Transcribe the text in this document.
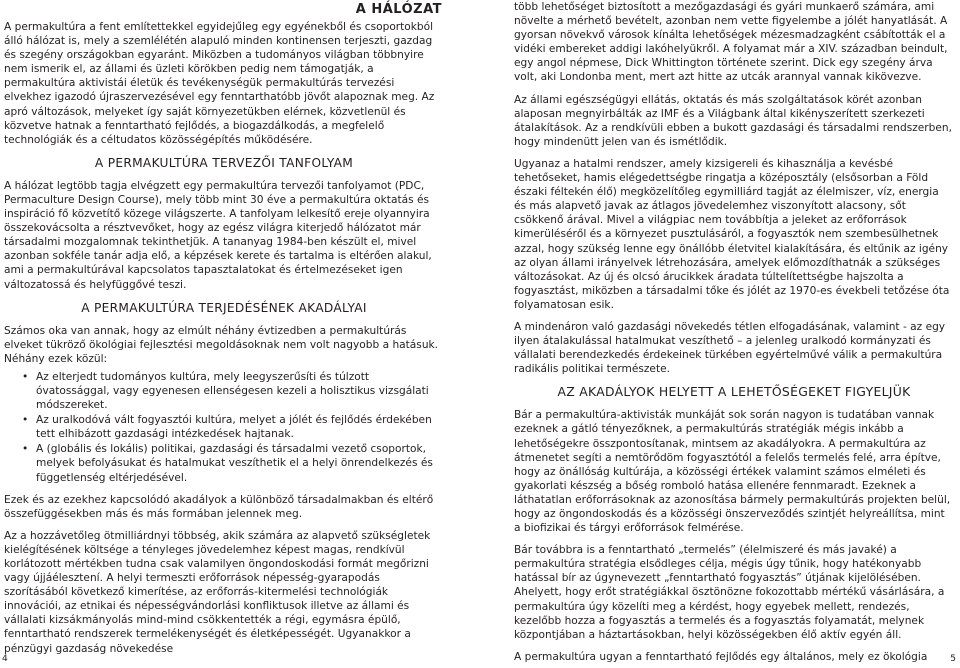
A HÁLÓZAT

A permakultúra a fent említettekkel egyidejűleg egy egyénekből és csoportokból álló hálózat is, mely a szemlélétén alapuló minden kontinensen terjeszti, gazdag és szegény országokban egyaránt. Miközben a tudományos világban többnyire nem ismerik el, az állami és üzleti körökben pedig nem támogatják, a permakultúra aktivistái életük és tevékenységük permakultúrás tervezési elvekhez igazodó újraszervezésével egy fenntarthatóbb jövőt alapoznak meg. Az apró változások, melyeket így saját környezetükben elérnek, közvetlenül és közvetve hatnak a fenntartható fejlődés, a biogazdálkodás, a megfelelő technológiák és a céltudatos közösségépítés működésére.

A PERMAKULTÚRA TERVEZŐI TANFOLYAM

A hálózat legtöbb tagja elvégzett egy permakultúra tervezői tanfolyamot (PDC, Permaculture Design Course), mely több mint 30 éve a permakultúra oktatás és inspiráció fő közvetítő közege világszerte. A tanfolyam lelkesítő ereje olyannyira összekovácsolta a résztvevőket, hogy az egész világra kiterjedő hálózatot már társadalmi mozgalomnak tekinthetjük. A tananyag 1984-ben készült el, mivel azonban sokféle tanár adja elő, a képzések kerete és tartalma is eltérően alakul, ami a permakultúrával kapcsolatos tapasztalatokat és értelmezéseket igen változatossá és helyfüggővé teszi.

A PERMAKULTÚRA TERJEDÉSÉNEK AKADÁLYAI

Számos oka van annak, hogy az elmúlt néhány évtizedben a permakultúrás elveket tükröző ökológiai fejlesztési megoldásoknak nem volt nagyobb a hatásuk. Néhány ezek közül:

• Az elterjedt tudományos kultúra, mely leegyszerűsíti és túlzott óvatossággal, vagy egyenesen ellenségesen kezeli a holisztikus vizsgálati módszereket.
• Az uralkodóvá vált fogyasztói kultúra, melyet a jólét és fejlődés érdekében tett elhibázott gazdasági intézkedések hajtanak.
• A (globális és lokális) politikai, gazdasági és társadalmi vezető csoportok, melyek befolyásukat és hatalmukat veszíthetik el a helyi önrendelkezés és függetlenség eltérjedésével.

Ezek és az ezekhez kapcsolódó akadályok a különböző társadalmakban és eltérő összefüggésekben más és más formában jelennek meg.

Az a hozzávetőleg ötmilliárdnyi többség, akik számára az alapvető szükségletek kielégítésének költsége a tényleges jövedelemhez képest magas, rendkívül korlátozott mértékben tudna csak valamilyen öngondoskodási formát megőrizni vagy újjáélesztení. A helyi termeszti erőforrások népesség-gyarapodás szorításából következő kimerítése, az erőforrás-kitermelési technológiák innovációi, az etnikai és népességvándorlási konfliktusok illetve az állami és vállalati kizsákmányolás mind-mind csökkentették a régi, egymásra épülő, fenntartható rendszerek termelékenységét és életképességét. Ugyanakkor a pénzügyi gazdaság növekedése

több lehetőséget biztosított a mezőgazdasági és gyári munkaerő számára, ami növelte a mérhető bevételt, azonban nem vette figyelembe a jólét hanyatlását. A gyorsan növekvő városok kínálta lehetőségek mézesmadzagként csábították el a vidéki embereket addigi lakóhelyükről. A folyamat már a XIV. században beindult, egy angol népmese, Dick Whittington története szerint. Dick egy szegény árva volt, aki Londonba ment, mert azt hitte az utcák arannyal vannak kikövezve.

Az állami egészségügyi ellátás, oktatás és más szolgáltatások körét azonban alaposan megnyirbálták az IMF és a Világbank által kikényszerített szerkezeti átalakítások. Az a rendkívüli ebben a bukott gazdasági és társadalmi rendszerben, hogy mindenütt jelen van és ismétlődik.

Ugyanaz a hatalmi rendszer, amely kizsigereli és kihasználja a kevésbé tehetőseket, hamis elégedettségbe ringatja a középosztály (elsősorban a Föld északi féltekén élő) megközelítőleg egymilliárd tagját az élelmiszer, víz, energia és más alapvető javak az átlagos jövedelemhez viszonyított alacsony, sőt csökkenő árával. Mivel a világpiac nem továbbítja a jeleket az erőforrások kimerüléséről és a környezet pusztulásáról, a fogyasztók nem szembesülhetnek azzal, hogy szükség lenne egy önállóbb életvitel kialakítására, és eltűnik az igény az olyan állami irányelvek létrehozására, amelyek előmozdíthatnák a szükséges változásokat. Az új és olcsó árucikkek áradata túltelítettségbe hajszolta a fogyasztást, miközben a társadalmi tőke és jólét az 1970-es évekbeli tetőzése óta folyamatosan esik.

A mindenáron való gazdasági növekedés tétlen elfogadásának, valamint - az egy ilyen átalakulással hatalmukat veszíthető – a jelenleg uralkodó kormányzati és vállalati berendezkedés érdekeinek türkében egyértelművé válik a permakultúra radikális politikai természete.

AZ AKADÁLYOK HELYETT A LEHETŐSÉGEKET FIGYELJÜK

Bár a permakultúra-aktivisták munkáját sok során nagyon is tudatában vannak ezeknek a gátló tényezőknek, a permakultúrás stratégiák mégis inkább a lehetőségekre összpontosítanak, mintsem az akadályokra. A permakultúra az átmenetet segíti a nemtörődöm fogyasztótól a felelős termelés felé, arra építve, hogy az önállóság kultúrája, a közösségi értékek valamint számos elméleti és gyakorlati készség a bőség romboló hatása ellenére fennmaradt. Ezeknek a láthatatlan erőforrásoknak az azonosítása bármely permakultúrás projekten belül, hogy az öngondoskodás és a közösségi önszerveződés szintjét helyreállítsa, mint a biofizikai és tárgyi erőforrások felmérése.

Bár továbbra is a fenntartható „termelés” (élelmiszeré és más javaké) a permakultúra stratégia elsődleges célja, mégis úgy tűnik, hogy hatékonyabb hatással bír az úgynevezett „fenntartható fogyasztás” útjának kijelölésében. Ahelyett, hogy erőt stratégiákkal ösztönözne fokozottabb mértékű vásárlására, a permakultúra úgy közelíti meg a kérdést, hogy egyebek mellett, rendezés, kezelőbb hozza a fogyasztás a termelés és a fogyasztás folyamatát, melynek központjában a háztartásokban, helyi közösségekben élő aktív egyén áll.

A permakultúra ugyan a fenntartható fejlődés egy általános, mely ez ökológia

4	5
